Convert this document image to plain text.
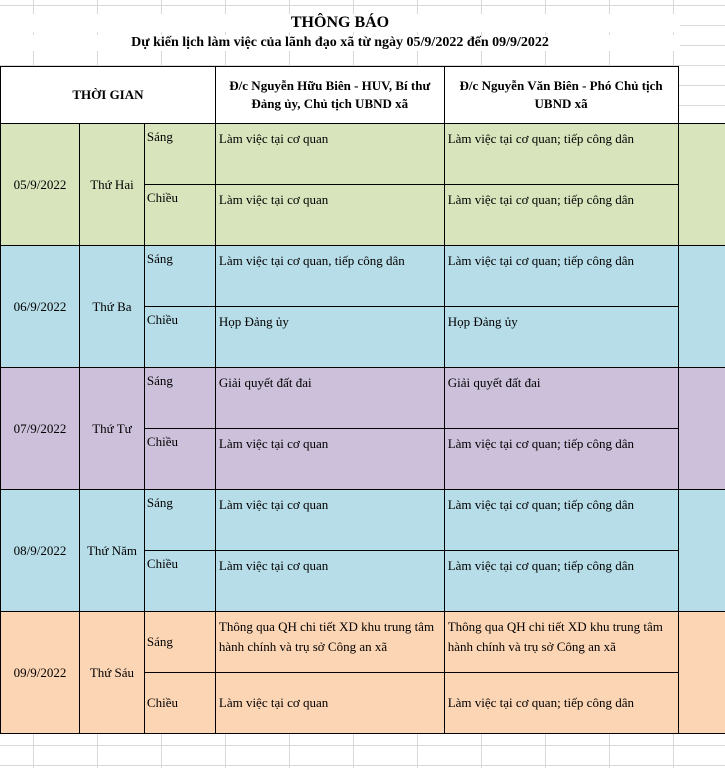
THÔNG BÁO
Dự kiến lịch làm việc của lãnh đạo xã từ ngày 05/9/2022 đến 09/9/2022
THỜI GIAN			Đ/c Nguyễn Hữu Biên - HUV, Bí thư Đảng ủy, Chủ tịch UBND xã	Đ/c Nguyễn Văn Biên - Phó Chủ tịch UBND xã	
05/9/2022	Thứ Hai	Sáng	Làm việc tại cơ quan	Làm việc tại cơ quan; tiếp công dân	
		Chiều	Làm việc tại cơ quan	Làm việc tại cơ quan; tiếp công dân	
06/9/2022	Thứ Ba	Sáng	Làm việc tại cơ quan, tiếp công dân	Làm việc tại cơ quan; tiếp công dân	
		Chiều	Họp Đảng ủy	Họp Đảng ủy	
07/9/2022	Thứ Tư	Sáng	Giải quyết đất đai	Giải quyết đất đai	
		Chiều	Làm việc tại cơ quan	Làm việc tại cơ quan; tiếp công dân	
08/9/2022	Thứ Năm	Sáng	Làm việc tại cơ quan	Làm việc tại cơ quan; tiếp công dân	
		Chiều	Làm việc tại cơ quan	Làm việc tại cơ quan; tiếp công dân	
09/9/2022	Thứ Sáu	Sáng	Thông qua QH chi tiết XD khu trung tâm hành chính và trụ sở Công an xã	Thông qua QH chi tiết XD khu trung tâm hành chính và trụ sở Công an xã	
		Chiều	Làm việc tại cơ quan	Làm việc tại cơ quan; tiếp công dân	
